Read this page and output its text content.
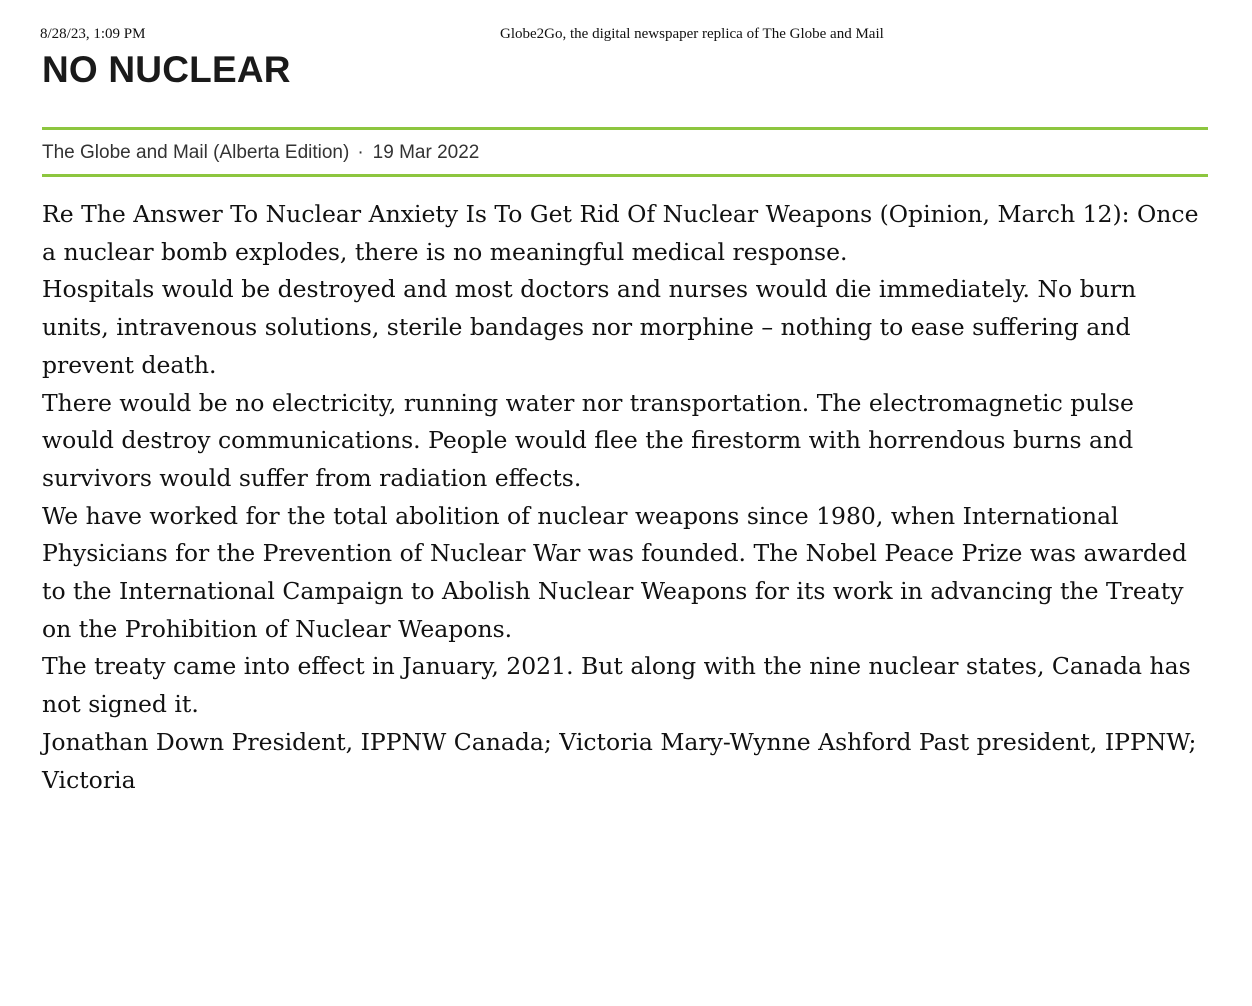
8/28/23, 1:09 PM	Globe2Go, the digital newspaper replica of The Globe and Mail
NO NUCLEAR
The Globe and Mail (Alberta Edition) · 19 Mar 2022

Re The Answer To Nuclear Anxiety Is To Get Rid Of Nuclear Weapons (Opinion, March 12): Once a nuclear bomb explodes, there is no meaningful medical response.

Hospitals would be destroyed and most doctors and nurses would die immediately. No burn units, intravenous solutions, sterile bandages nor morphine – nothing to ease suffering and prevent death.

There would be no electricity, running water nor transportation. The electromagnetic pulse would destroy communications. People would flee the firestorm with horrendous burns and survivors would suffer from radiation effects.

We have worked for the total abolition of nuclear weapons since 1980, when International Physicians for the Prevention of Nuclear War was founded. The Nobel Peace Prize was awarded to the International Campaign to Abolish Nuclear Weapons for its work in advancing the Treaty on the Prohibition of Nuclear Weapons.

The treaty came into effect in January, 2021. But along with the nine nuclear states, Canada has not signed it.

Jonathan Down President, IPPNW Canada; Victoria Mary-Wynne Ashford Past president, IPPNW; Victoria
